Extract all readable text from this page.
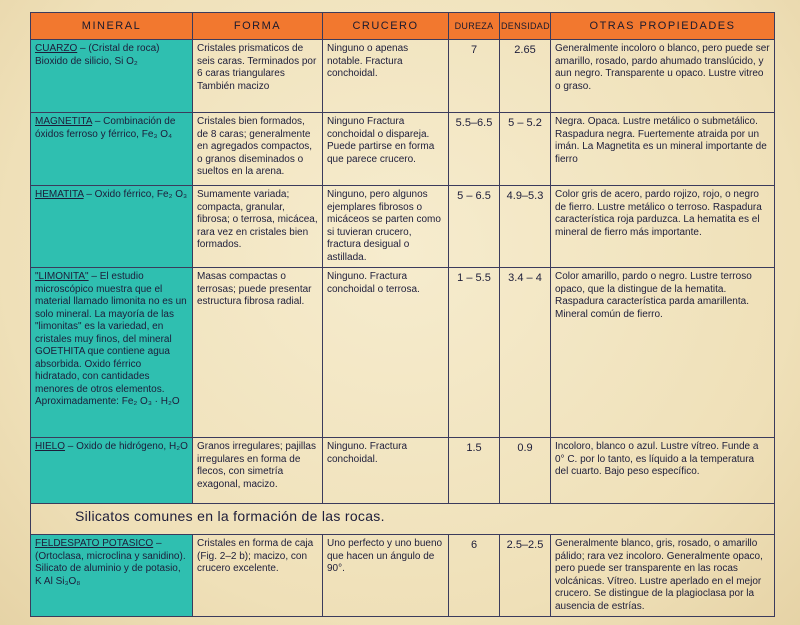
MINERAL	FORMA	CRUCERO	DUREZA	DENSIDAD	OTRAS PROPIEDADES
CUARZO – (Cristal de roca) Bioxido de silicio, Si O₂	Cristales prismaticos de seis caras. Terminados por 6 caras triangulares También macizo	Ninguno o apenas notable. Fractura conchoidal.	7	2.65	Generalmente incoloro o blanco, pero puede ser amarillo, rosado, pardo ahumado translúcido, y aun negro. Transparente u opaco. Lustre vitreo o graso.
MAGNETITA – Combinación de óxidos ferroso y férrico, Fe₃ O₄	Cristales bien formados, de 8 caras; generalmente en agregados compactos, o granos diseminados o sueltos en la arena.	Ninguno Fractura conchoidal o dispareja. Puede partirse en forma que parece crucero.	5.5–6.5	5 – 5.2	Negra. Opaca. Lustre metálico o submetálico. Raspadura negra. Fuertemente atraida por un imán. La Magnetita es un mineral importante de fierro
HEMATITA – Oxido férrico, Fe₂ O₃	Sumamente variada; compacta, granular, fibrosa; o terrosa, micácea, rara vez en cristales bien formados.	Ninguno, pero algunos ejemplares fibrosos o micáceos se parten como si tuvieran crucero, fractura desigual o astillada.	5 – 6.5	4.9–5.3	Color gris de acero, pardo rojizo, rojo, o negro de fierro. Lustre metálico o terroso. Raspadura característica roja parduzca. La hematita es el mineral de fierro más importante.
"LIMONITA" – El estudio microscópico muestra que el material llamado limonita no es un solo mineral. La mayoría de las "limonitas" es la variedad, en cristales muy finos, del mineral GOETHITA que contiene agua absorbida. Oxido férrico hidratado, con cantidades menores de otros elementos. Aproximadamente: Fe₂ O₃ · H₂O	Masas compactas o terrosas; puede presentar estructura fibrosa radial.	Ninguno. Fractura conchoidal o terrosa.	1 – 5.5	3.4 – 4	Color amarillo, pardo o negro. Lustre terroso opaco, que la distingue de la hematita. Raspadura característica parda amarillenta. Mineral común de fierro.
HIELO – Oxido de hidrógeno, H₂O	Granos irregulares; pajillas irregulares en forma de flecos, con simetría exagonal, macizo.	Ninguno. Fractura conchoidal.	1.5	0.9	Incoloro, blanco o azul. Lustre vítreo. Funde a 0° C. por lo tanto, es líquido a la temperatura del cuarto. Bajo peso específico.
Silicatos comunes en la formación de las rocas.					
FELDESPATO POTASICO – (Ortoclasa, microclina y sanidino). Silicato de aluminio y de potasio, K Al Si₃O₈	Cristales en forma de caja (Fig. 2–2 b); macizo, con crucero excelente.	Uno perfecto y uno bueno que hacen un ángulo de 90°.	6	2.5–2.5	Generalmente blanco, gris, rosado, o amarillo pálido; rara vez incoloro. Generalmente opaco, pero puede ser transparente en las rocas volcánicas. Vítreo. Lustre aperlado en el mejor crucero. Se distingue de la plagioclasa por la ausencia de estrías.
